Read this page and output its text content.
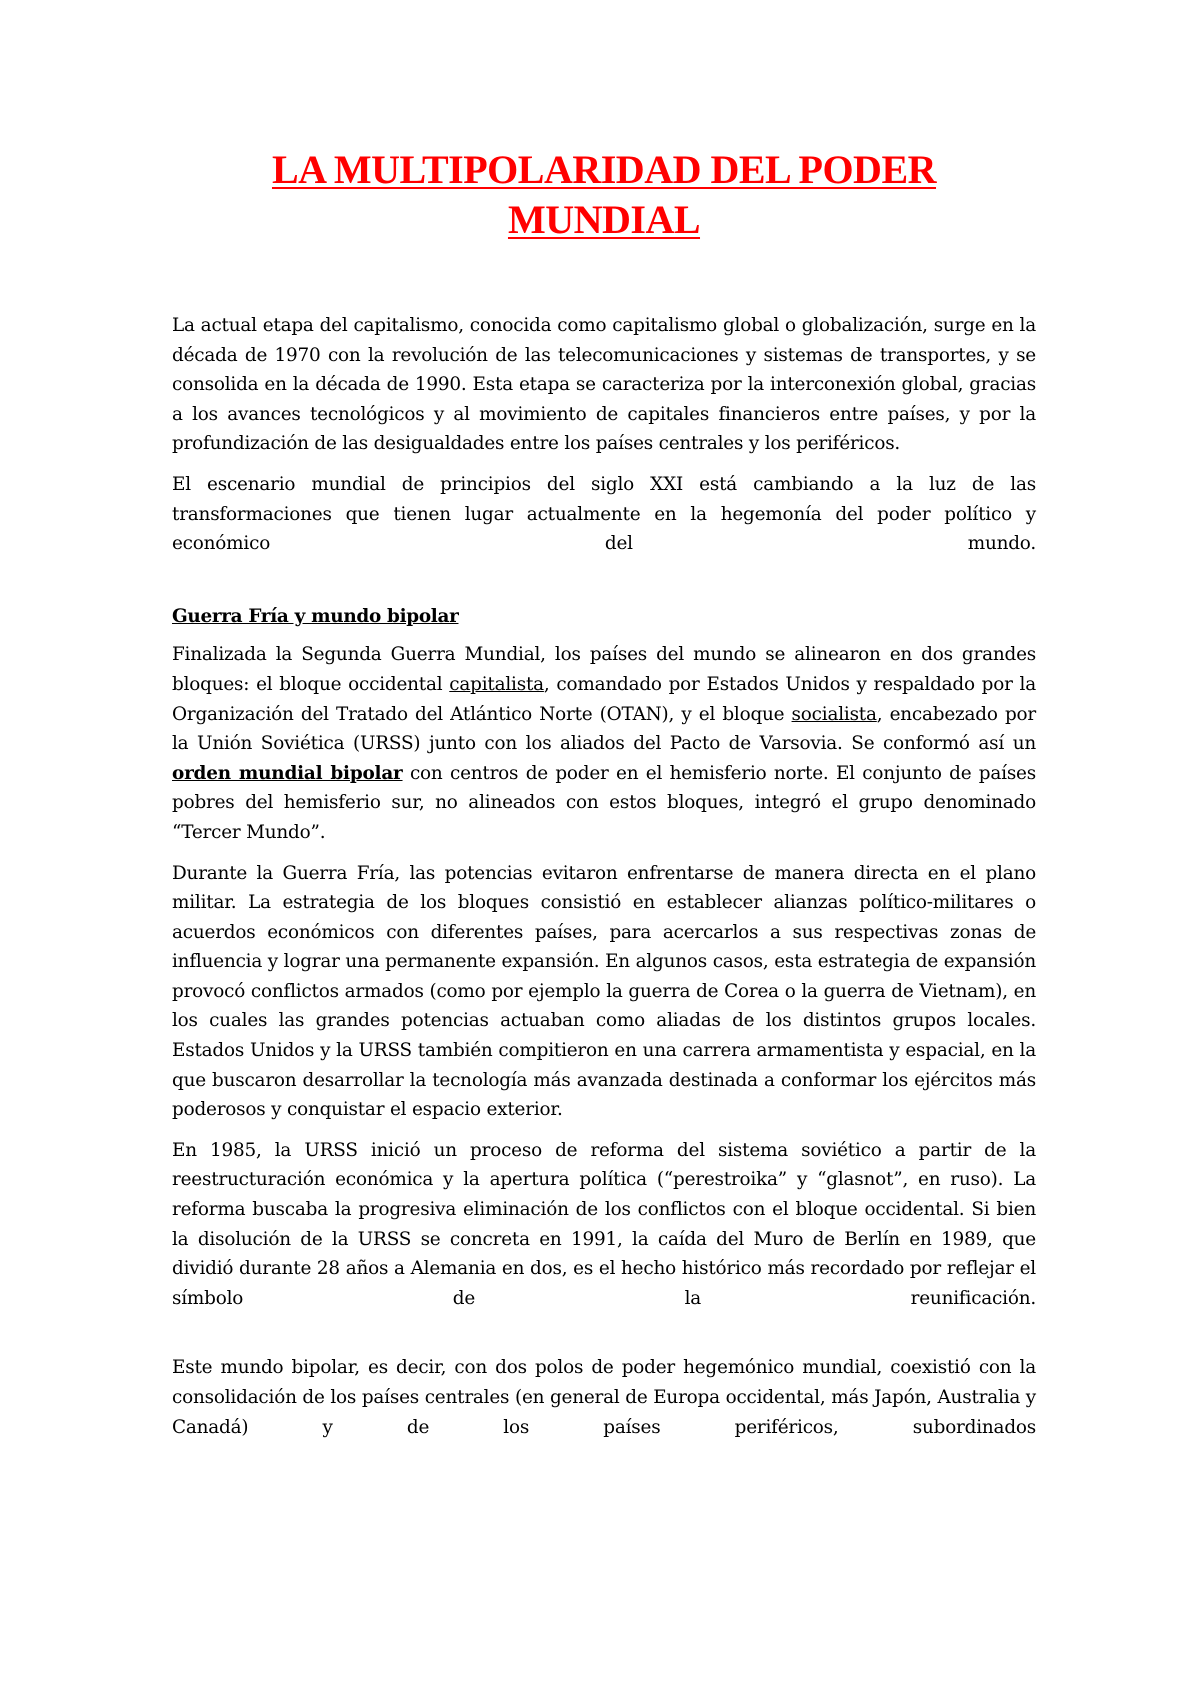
LA MULTIPOLARIDAD DEL PODER
MUNDIAL

La actual etapa del capitalismo, conocida como capitalismo global o globalización, surge en la década de 1970 con la revolución de las telecomunicaciones y sistemas de transportes, y se consolida en la década de 1990. Esta etapa se caracteriza por la interconexión global, gracias a los avances tecnológicos y al movimiento de capitales financieros entre países, y por la profundización de las desigualdades entre los países centrales y los periféricos.

El escenario mundial de principios del siglo XXI está cambiando a la luz de las transformaciones que tienen lugar actualmente en la hegemonía del poder político y económico del mundo.

Guerra Fría y mundo bipolar

Finalizada la Segunda Guerra Mundial, los países del mundo se alinearon en dos grandes bloques: el bloque occidental capitalista, comandado por Estados Unidos y respaldado por la Organización del Tratado del Atlántico Norte (OTAN), y el bloque socialista, encabezado por la Unión Soviética (URSS) junto con los aliados del Pacto de Varsovia. Se conformó así un orden mundial bipolar con centros de poder en el hemisferio norte. El conjunto de países pobres del hemisferio sur, no alineados con estos bloques, integró el grupo denominado “Tercer Mundo”.

Durante la Guerra Fría, las potencias evitaron enfrentarse de manera directa en el plano militar. La estrategia de los bloques consistió en establecer alianzas político-militares o acuerdos económicos con diferentes países, para acercarlos a sus respectivas zonas de influencia y lograr una permanente expansión. En algunos casos, esta estrategia de expansión provocó conflictos armados (como por ejemplo la guerra de Corea o la guerra de Vietnam), en los cuales las grandes potencias actuaban como aliadas de los distintos grupos locales. Estados Unidos y la URSS también compitieron en una carrera armamentista y espacial, en la que buscaron desarrollar la tecnología más avanzada destinada a conformar los ejércitos más poderosos y conquistar el espacio exterior.

En 1985, la URSS inició un proceso de reforma del sistema soviético a partir de la reestructuración económica y la apertura política (“perestroika” y “glasnot”, en ruso). La reforma buscaba la progresiva eliminación de los conflictos con el bloque occidental. Si bien la disolución de la URSS se concreta en 1991, la caída del Muro de Berlín en 1989, que dividió durante 28 años a Alemania en dos, es el hecho histórico más recordado por reflejar el símbolo de la reunificación.

Este mundo bipolar, es decir, con dos polos de poder hegemónico mundial, coexistió con la consolidación de los países centrales (en general de Europa occidental, más Japón, Australia y Canadá) y de los países periféricos, subordinados
